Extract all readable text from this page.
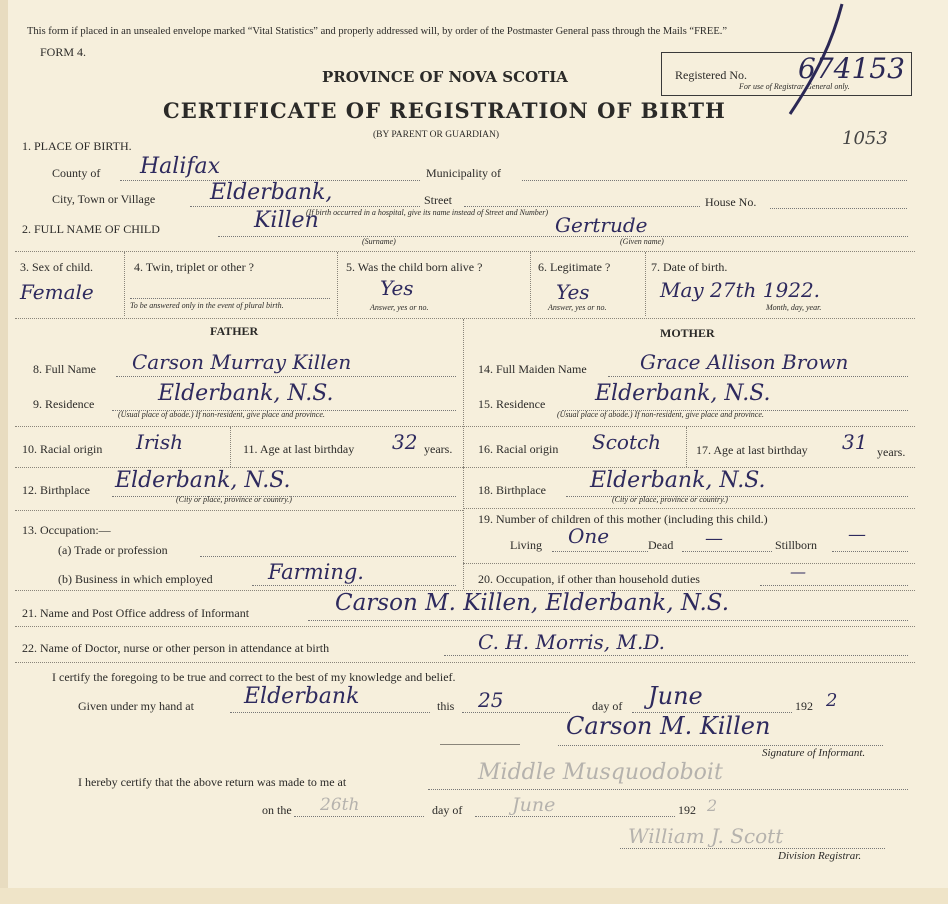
This form if placed in an unsealed envelope marked “Vital Statistics” and properly addressed will, by order of the Postmaster General pass through the Mails “FREE.”
FORM 4.
PROVINCE OF NOVA SCOTIA
CERTIFICATE OF REGISTRATION OF BIRTH
(BY PARENT OR GUARDIAN)
Registered No.
For use of Registrar General only.
674153
1053
1. PLACE OF BIRTH.
County of Halifax	Municipality of
City, Town or Village Elderbank,	Street	House No.
(If birth occurred in a hospital, give its name instead of Street and Number)
2. FULL NAME OF CHILD	Killen
(Surname)
Gertrude
(Given name)
3. Sex of child.
Female
4. Twin, triplet or other ?
To be answered only in the event of plural birth.
5. Was the child born alive ?
Yes
Answer, yes or no.
6. Legitimate ?
Yes
Answer, yes or no.
7. Date of birth.
May 27th 1922.
Month, day, year.
FATHER	MOTHER
8. Full Name Carson Murray Killen
9. Residence	Elderbank, N.S.
(Usual place of abode.) If non-resident, give place and province.
10. Racial origin Irish	11. Age at last birthday 32 years.
12. Birthplace Elderbank, N.S.
(City or place, province or country.)
13. Occupation:—
(a) Trade or profession
(b) Business in which employed	Farming.
14. Full Maiden Name	Grace Allison Brown
15. Residence Elderbank, N.S.
(Usual place of abode.) If non-resident, give place and province.
16. Racial origin Scotch	17. Age at last birthday 31 years.
18. Birthplace Elderbank, N.S.
(City or place, province or country.)
19. Number of children of this mother (including this child.)
Living One	Dead —	Stillborn —
20. Occupation, if other than household duties	—
21. Name and Post Office address of Informant	Carson M. Killen, Elderbank, N.S.
22. Name of Doctor, nurse or other person in attendance at birth	C. H. Morris, M.D.
I certify the foregoing to be true and correct to the best of my knowledge and belief.
Given under my hand at Elderbank	this 25	day of June	192 2
Carson M. Killen
Signature of Informant.
I hereby certify that the above return was made to me at	Middle Musquodoboit
on the 26th	day of	June	192 2
William J. Scott
Division Registrar.
